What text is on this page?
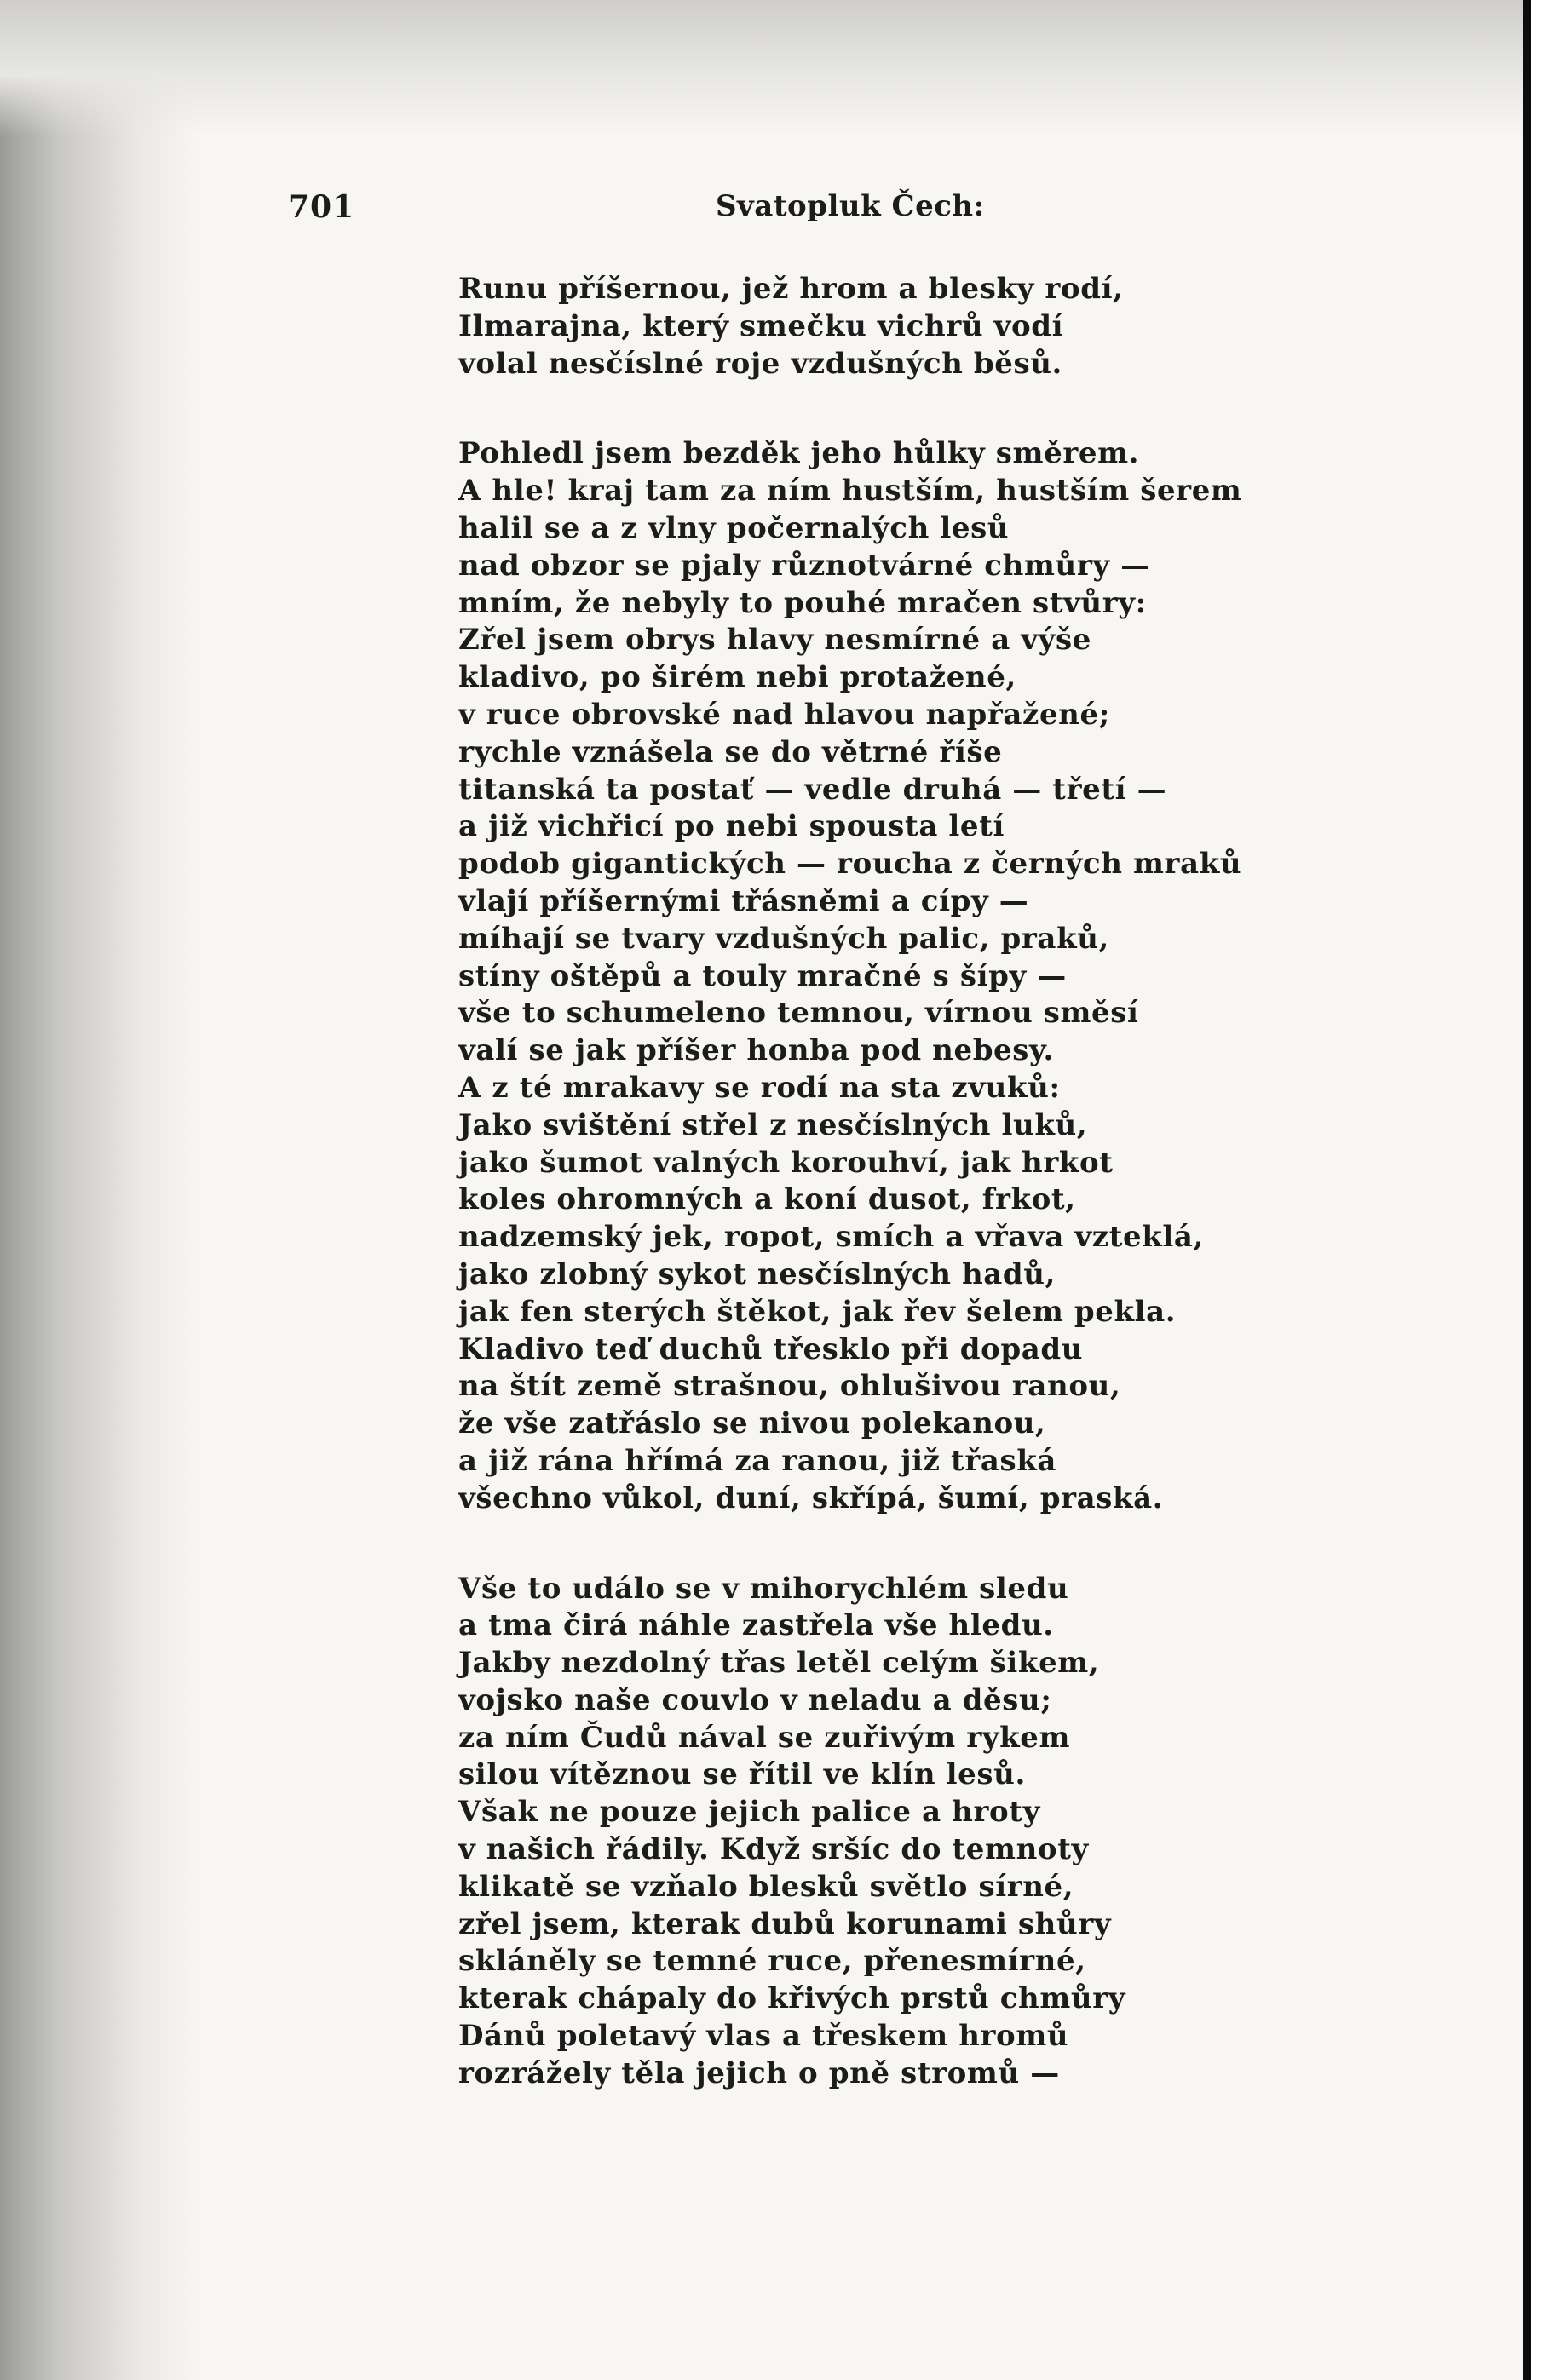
701	Svatopluk Čech:
Runu příšernou, jež hrom a blesky rodí,
Ilmarajna, který smečku vichrů vodí
volal nesčíslné roje vzdušných běsů.
Pohledl jsem bezděk jeho hůlky směrem.
A hle! kraj tam za ním hustším, hustším šerem
halil se a z vlny počernalých lesů
nad obzor se pjaly různotvárné chmůry —
mním, že nebyly to pouhé mračen stvůry:
Zřel jsem obrys hlavy nesmírné a výše
kladivo, po širém nebi protažené,
v ruce obrovské nad hlavou napřažené;
rychle vznášela se do větrné říše
titanská ta postať — vedle druhá — třetí —
a již vichřicí po nebi spousta letí
podob gigantických — roucha z černých mraků
vlají příšernými třásněmi a cípy —
míhají se tvary vzdušných palic, praků,
stíny oštěpů a touly mračné s šípy —
vše to schumeleno temnou, vírnou směsí
valí se jak příšer honba pod nebesy.
A z té mrakavy se rodí na sta zvuků:
Jako svištění střel z nesčíslných luků,
jako šumot valných korouhví, jak hrkot
koles ohromných a koní dusot, frkot,
nadzemský jek, ropot, smích a vřava vzteklá,
jako zlobný sykot nesčíslných hadů,
jak fen sterých štěkot, jak řev šelem pekla.
Kladivo teď duchů třesklo při dopadu
na štít země strašnou, ohlušivou ranou,
že vše zatřáslo se nivou polekanou,
a již rána hřímá za ranou, již třaská
všechno vůkol, duní, skřípá, šumí, praská.
Vše to událo se v mihorychlém sledu
a tma čirá náhle zastřela vše hledu.
Jakby nezdolný třas letěl celým šikem,
vojsko naše couvlo v neladu a děsu;
za ním Čudů nával se zuřivým rykem
silou vítěznou se řítil ve klín lesů.
Však ne pouze jejich palice a hroty
v našich řádily. Když sršíc do temnoty
klikatě se vzňalo blesků světlo sírné,
zřel jsem, kterak dubů korunami shůry
skláněly se temné ruce, přenesmírné,
kterak chápaly do křivých prstů chmůry
Dánů poletavý vlas a třeskem hromů
rozrážely těla jejich o pně stromů —
